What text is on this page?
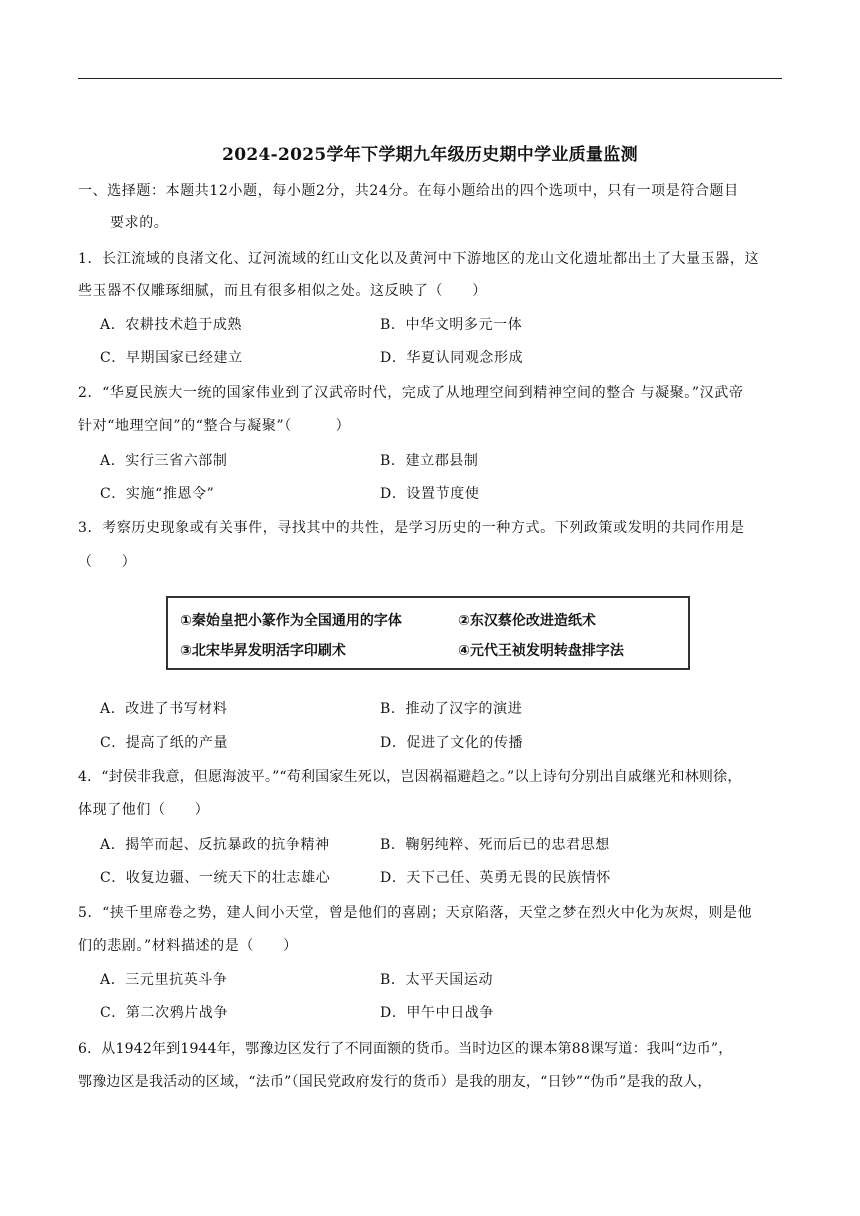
2024-2025学年下学期九年级历史期中学业质量监测
一、选择题：本题共12小题，每小题2分，共24分。在每小题给出的四个选项中，只有一项是符合题目
要求的。
1．长江流域的良渚文化、辽河流域的红山文化以及黄河中下游地区的龙山文化遗址都出土了大量玉器，这
些玉器不仅雕琢细腻，而且有很多相似之处。这反映了（　　）
A．农耕技术趋于成熟	B．中华文明多元一体
C．早期国家已经建立	D．华夏认同观念形成
2．“华夏民族大一统的国家伟业到了汉武帝时代，完成了从地理空间到精神空间的整合 与凝聚。”汉武帝
针对“地理空间”的“整合与凝聚”（　　　）
A．实行三省六部制	B．建立郡县制
C．实施“推恩令”	D．设置节度使
3．考察历史现象或有关事件，寻找其中的共性，是学习历史的一种方式。下列政策或发明的共同作用是
（　　）
①秦始皇把小篆作为全国通用的字体	②东汉蔡伦改进造纸术
③北宋毕昇发明活字印刷术	④元代王祯发明转盘排字法
A．改进了书写材料	B．推动了汉字的演进
C．提高了纸的产量	D．促进了文化的传播
4．“封侯非我意，但愿海波平。”“苟利国家生死以，岂因祸福避趋之。”以上诗句分别出自戚继光和林则徐，
体现了他们（　　）
A．揭竿而起、反抗暴政的抗争精神	B．鞠躬纯粹、死而后已的忠君思想
C．收复边疆、一统天下的壮志雄心	D．天下己任、英勇无畏的民族情怀
5．“挟千里席卷之势，建人间小天堂，曾是他们的喜剧；天京陷落，天堂之梦在烈火中化为灰烬，则是他
们的悲剧。”材料描述的是（　　）
A．三元里抗英斗争	B．太平天国运动
C．第二次鸦片战争	D．甲午中日战争
6．从1942年到1944年，鄂豫边区发行了不同面额的货币。当时边区的课本第88课写道：我叫“边币”，
鄂豫边区是我活动的区域，“法币”（国民党政府发行的货币）是我的朋友，“日钞”“伪币”是我的敌人，
